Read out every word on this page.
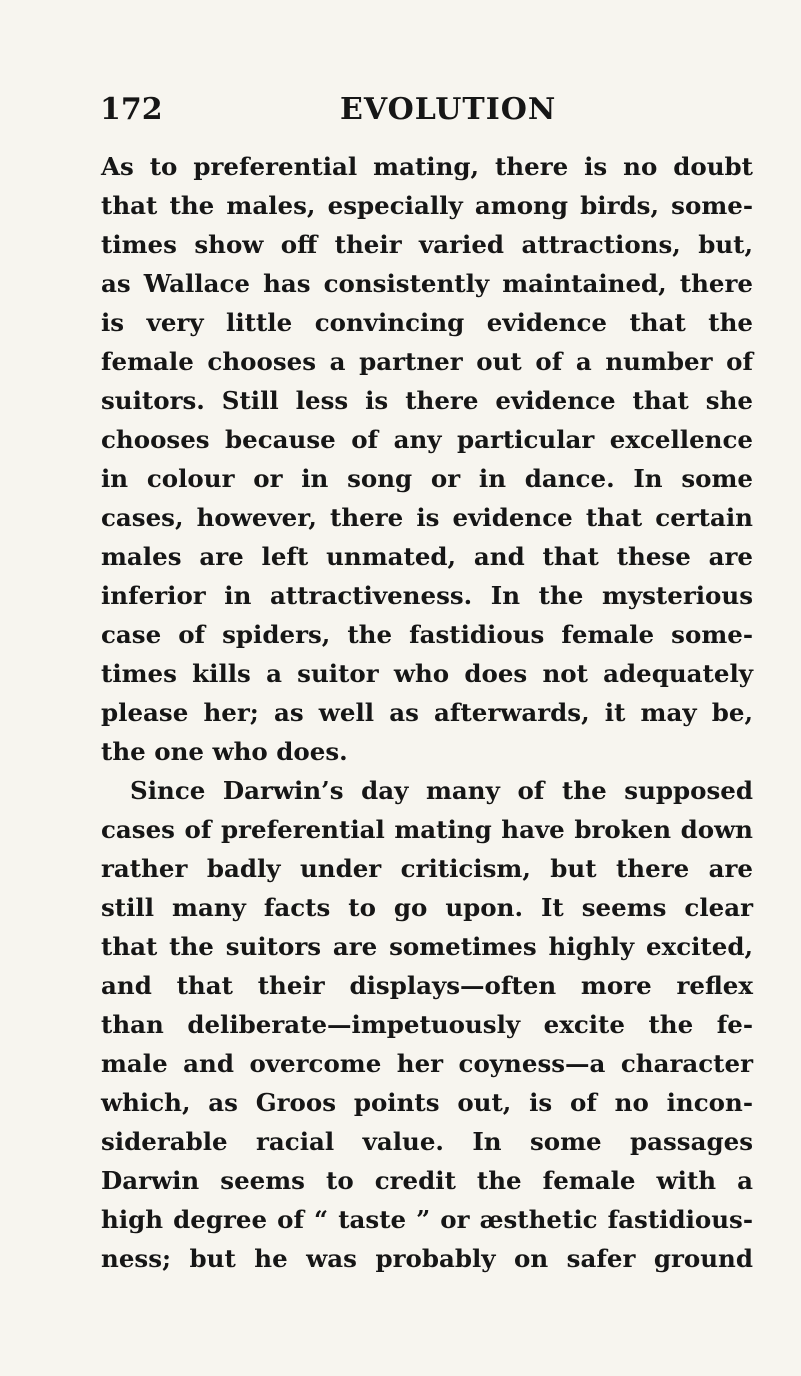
172	EVOLUTION
As to preferential mating, there is no doubt
that the males, especially among birds, some-
times show off their varied attractions, but,
as Wallace has consistently maintained, there
is very little convincing evidence that the
female chooses a partner out of a number of
suitors. Still less is there evidence that she
chooses because of any particular excellence
in colour or in song or in dance. In some
cases, however, there is evidence that certain
males are left unmated, and that these are
inferior in attractiveness. In the mysterious
case of spiders, the fastidious female some-
times kills a suitor who does not adequately
please her; as well as afterwards, it may be,
the one who does.
Since Darwin’s day many of the supposed
cases of preferential mating have broken down
rather badly under criticism, but there are
still many facts to go upon. It seems clear
that the suitors are sometimes highly excited,
and that their displays—often more reflex
than deliberate—impetuously excite the fe-
male and overcome her coyness—a character
which, as Groos points out, is of no incon-
siderable racial value. In some passages
Darwin seems to credit the female with a
high degree of “ taste ” or æsthetic fastidious-
ness; but he was probably on safer ground
